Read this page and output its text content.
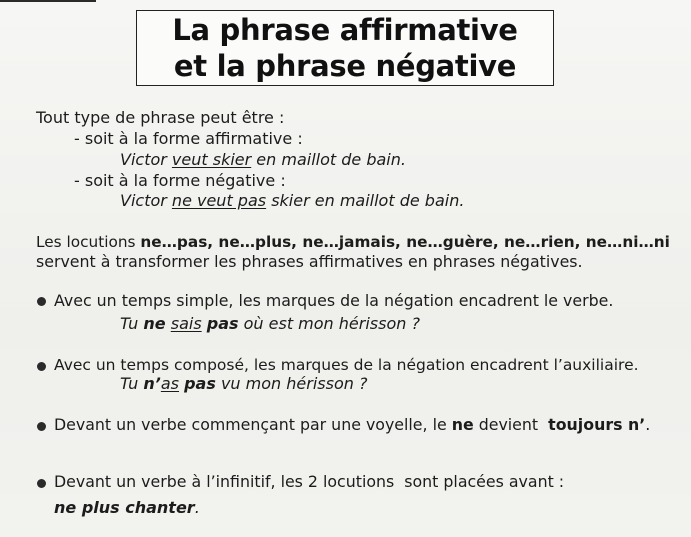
La phrase affirmative
et la phrase négative
Tout type de phrase peut être :
- soit à la forme affirmative :
Victor veut skier en maillot de bain.
- soit à la forme négative :
Victor ne veut pas skier en maillot de bain.
Les locutions ne…pas, ne…plus, ne…jamais, ne…guère, ne…rien, ne…ni…ni
servent à transformer les phrases affirmatives en phrases négatives.
Avec un temps simple, les marques de la négation encadrent le verbe.
Tu ne sais pas où est mon hérisson ?
Avec un temps composé, les marques de la négation encadrent l’auxiliaire.
Tu n’as pas vu mon hérisson ?
Devant un verbe commençant par une voyelle, le ne devient  toujours n’.
Devant un verbe à l’infinitif, les 2 locutions  sont placées avant :
ne plus chanter.
